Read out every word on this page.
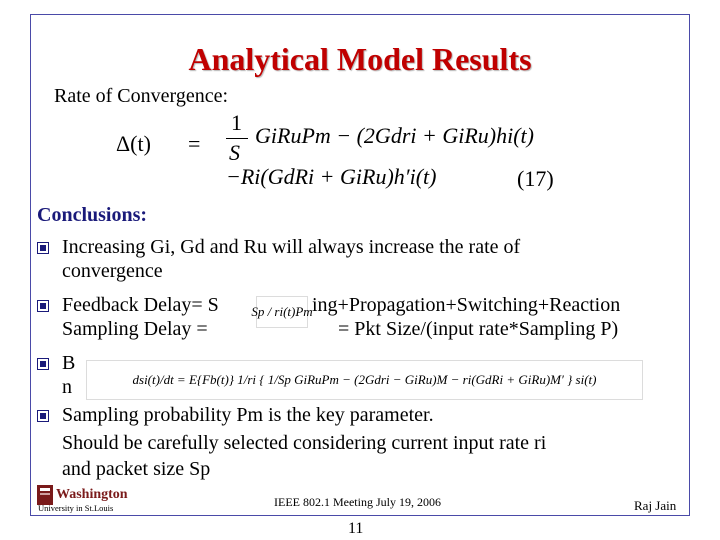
Analytical Model Results
Rate of Convergence:
Δ(t) =
1
S
GiRuPm − (2Gdri + GiRu)hi(t)
−Ri(GdRi + GiRu)h′i(t)	(17)
Conclusions:
Increasing Gi, Gd and Ru will always increase the rate of
convergence
Feedback Delay= S	ing+Propagation+Switching+Reaction
Sampling Delay =	= Pkt Size/(input rate*Sampling P)
Sp / ri(t)Pm
B
n	dsi(t)/dt = E{Fb(t)} 1/ri { 1/Sp GiRuPm − (2Gdri − GiRu)M − ri(GdRi + GiRu)M′ } si(t)
Sampling probability Pm is the key parameter.
Should be carefully selected considering current input rate ri
and packet size Sp
Washington
University in St.Louis	IEEE 802.1 Meeting July 19, 2006	Raj Jain
11
